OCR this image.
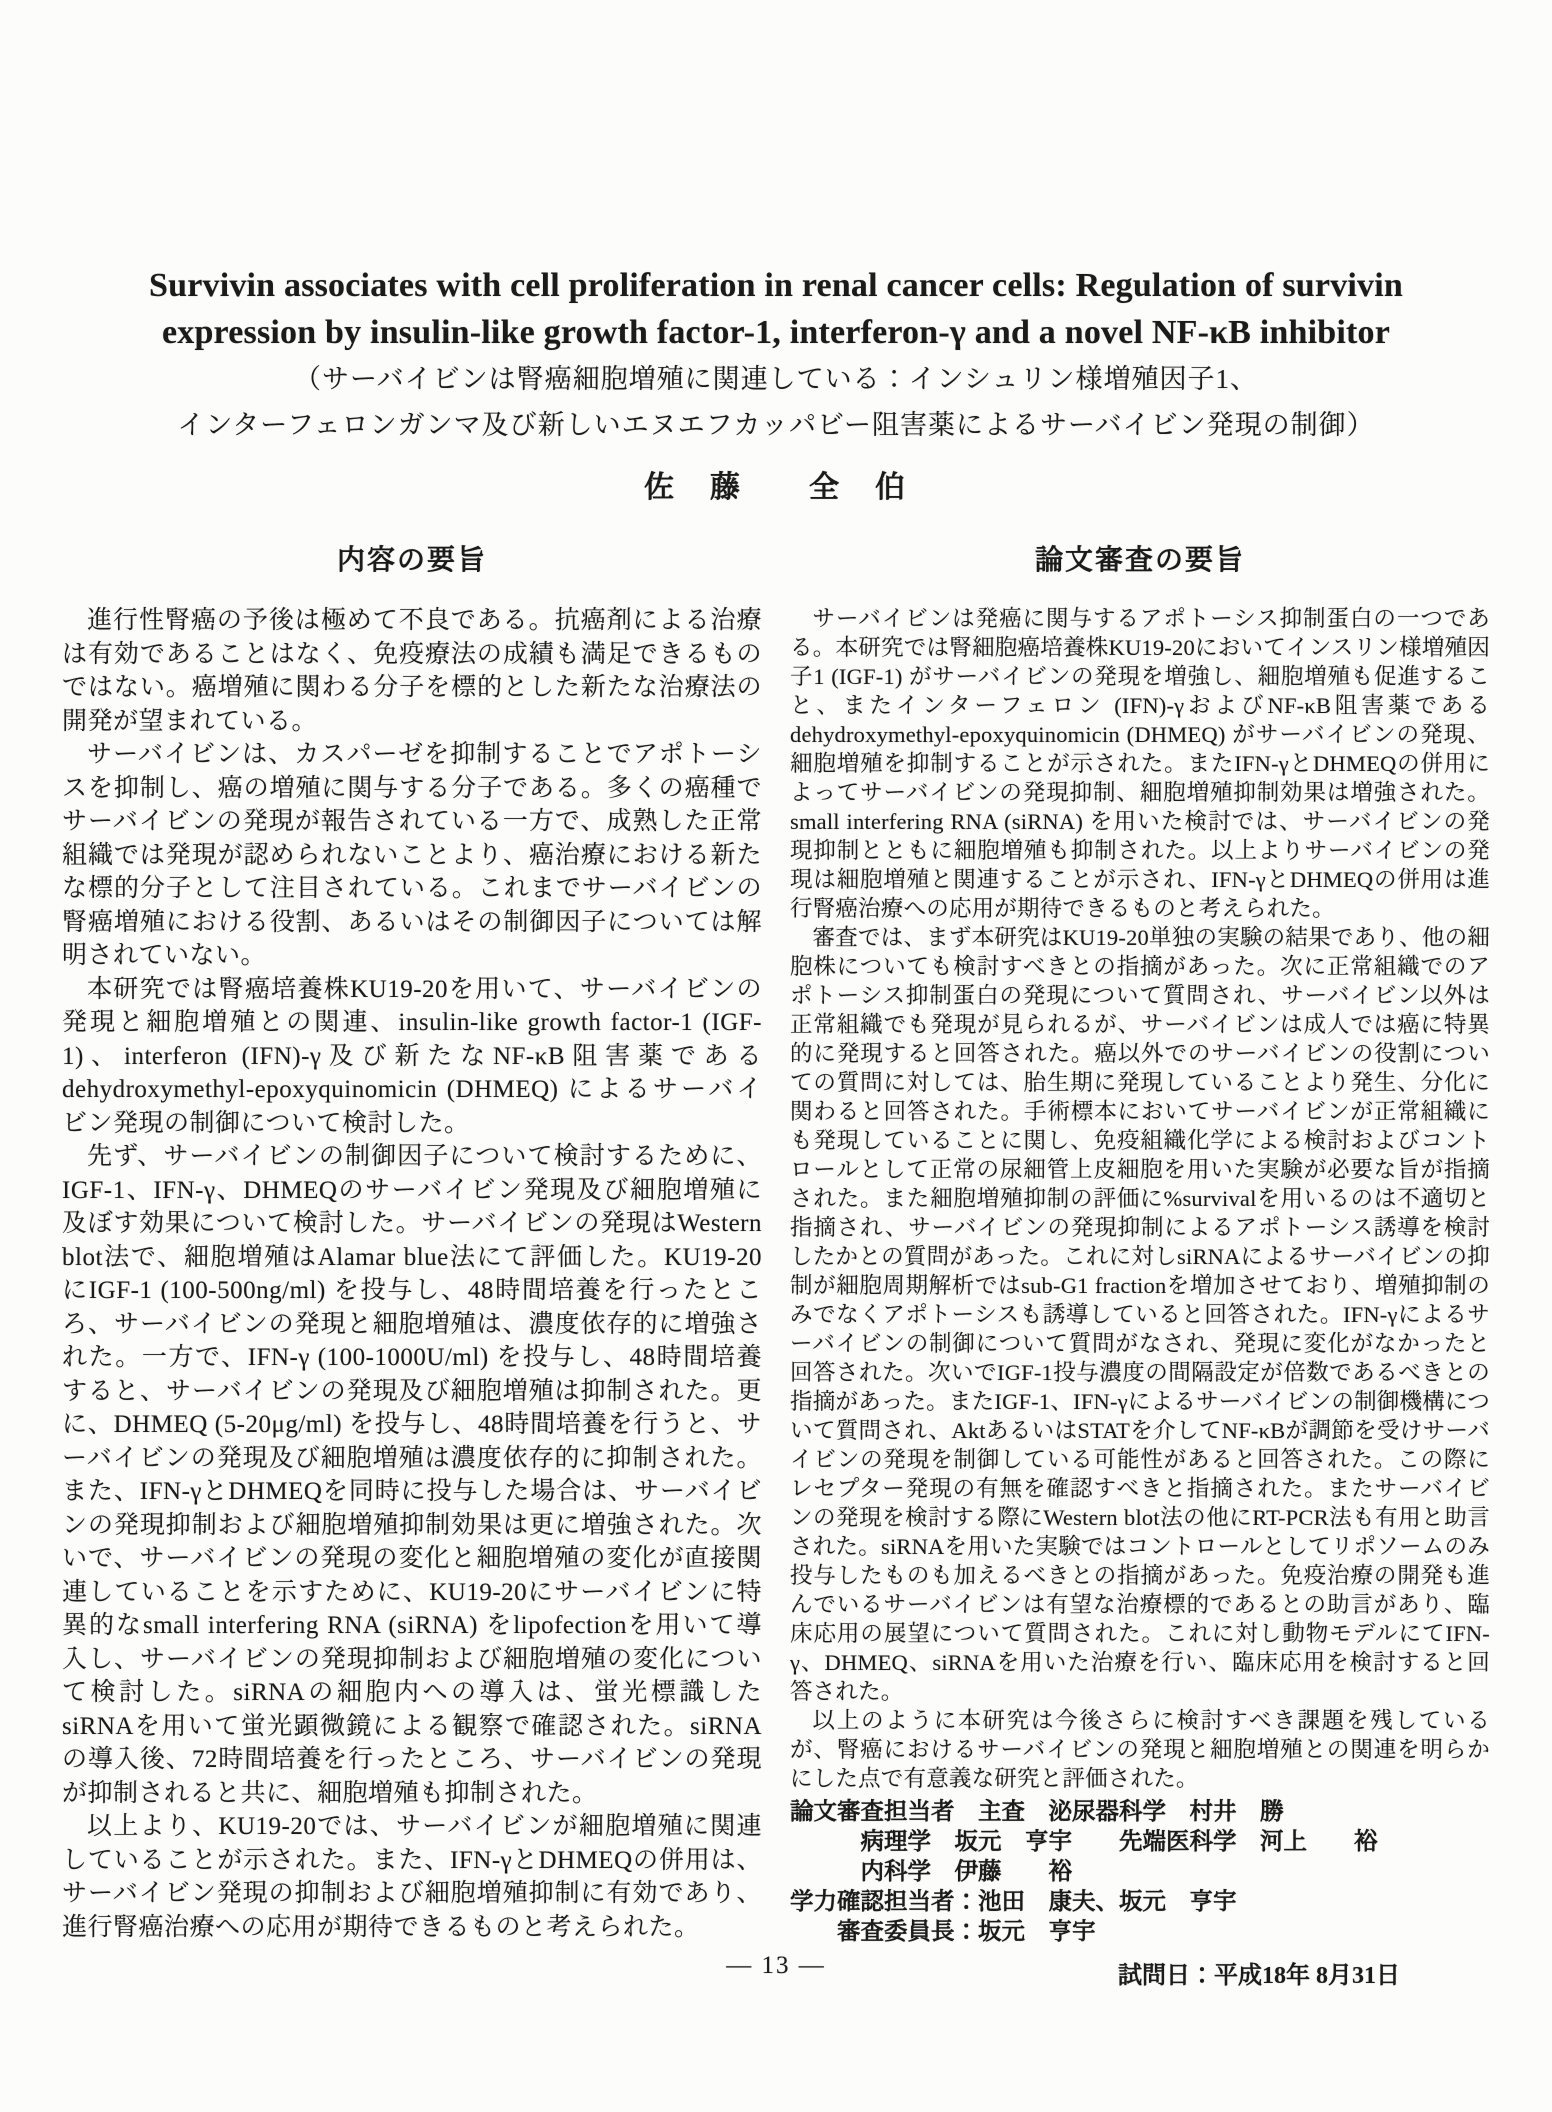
Survivin associates with cell proliferation in renal cancer cells: Regulation of survivin
expression by insulin-like growth factor-1, interferon-γ and a novel NF-κB inhibitor
（サーバイビンは腎癌細胞増殖に関連している：インシュリン様増殖因子1、
インターフェロンガンマ及び新しいエヌエフカッパビー阻害薬によるサーバイビン発現の制御）
佐　藤　　全　伯
内容の要旨

進行性腎癌の予後は極めて不良である。抗癌剤による治療は有効であることはなく、免疫療法の成績も満足できるものではない。癌増殖に関わる分子を標的とした新たな治療法の開発が望まれている。

サーバイビンは、カスパーゼを抑制することでアポトーシスを抑制し、癌の増殖に関与する分子である。多くの癌種でサーバイビンの発現が報告されている一方で、成熟した正常組織では発現が認められないことより、癌治療における新たな標的分子として注目されている。これまでサーバイビンの腎癌増殖における役割、あるいはその制御因子については解明されていない。

本研究では腎癌培養株KU19-20を用いて、サーバイビンの発現と細胞増殖との関連、insulin-like growth factor-1 (IGF-1)、interferon (IFN)-γ及び新たなNF-κB阻害薬であるdehydroxymethyl-epoxyquinomicin (DHMEQ) によるサーバイビン発現の制御について検討した。

先ず、サーバイビンの制御因子について検討するために、IGF-1、IFN-γ、DHMEQのサーバイビン発現及び細胞増殖に及ぼす効果について検討した。サーバイビンの発現はWestern blot法で、細胞増殖はAlamar blue法にて評価した。KU19-20にIGF-1 (100-500ng/ml) を投与し、48時間培養を行ったところ、サーバイビンの発現と細胞増殖は、濃度依存的に増強された。一方で、IFN-γ (100-1000U/ml) を投与し、48時間培養すると、サーバイビンの発現及び細胞増殖は抑制された。更に、DHMEQ (5-20μg/ml) を投与し、48時間培養を行うと、サーバイビンの発現及び細胞増殖は濃度依存的に抑制された。また、IFN-γとDHMEQを同時に投与した場合は、サーバイビンの発現抑制および細胞増殖抑制効果は更に増強された。次いで、サーバイビンの発現の変化と細胞増殖の変化が直接関連していることを示すために、KU19-20にサーバイビンに特異的なsmall interfering RNA (siRNA) をlipofectionを用いて導入し、サーバイビンの発現抑制および細胞増殖の変化について検討した。siRNAの細胞内への導入は、蛍光標識したsiRNAを用いて蛍光顕微鏡による観察で確認された。siRNAの導入後、72時間培養を行ったところ、サーバイビンの発現が抑制されると共に、細胞増殖も抑制された。

以上より、KU19-20では、サーバイビンが細胞増殖に関連していることが示された。また、IFN-γとDHMEQの併用は、サーバイビン発現の抑制および細胞増殖抑制に有効であり、進行腎癌治療への応用が期待できるものと考えられた。

論文審査の要旨

サーバイビンは発癌に関与するアポトーシス抑制蛋白の一つである。本研究では腎細胞癌培養株KU19-20においてインスリン様増殖因子1 (IGF-1) がサーバイビンの発現を増強し、細胞増殖も促進すること、またインターフェロン (IFN)-γおよびNF-κB阻害薬であるdehydroxymethyl-epoxyquinomicin (DHMEQ) がサーバイビンの発現、細胞増殖を抑制することが示された。またIFN-γとDHMEQの併用によってサーバイビンの発現抑制、細胞増殖抑制効果は増強された。small interfering RNA (siRNA) を用いた検討では、サーバイビンの発現抑制とともに細胞増殖も抑制された。以上よりサーバイビンの発現は細胞増殖と関連することが示され、IFN-γとDHMEQの併用は進行腎癌治療への応用が期待できるものと考えられた。

審査では、まず本研究はKU19-20単独の実験の結果であり、他の細胞株についても検討すべきとの指摘があった。次に正常組織でのアポトーシス抑制蛋白の発現について質問され、サーバイビン以外は正常組織でも発現が見られるが、サーバイビンは成人では癌に特異的に発現すると回答された。癌以外でのサーバイビンの役割についての質問に対しては、胎生期に発現していることより発生、分化に関わると回答された。手術標本においてサーバイビンが正常組織にも発現していることに関し、免疫組織化学による検討およびコントロールとして正常の尿細管上皮細胞を用いた実験が必要な旨が指摘された。また細胞増殖抑制の評価に%survivalを用いるのは不適切と指摘され、サーバイビンの発現抑制によるアポトーシス誘導を検討したかとの質問があった。これに対しsiRNAによるサーバイビンの抑制が細胞周期解析ではsub-G1 fractionを増加させており、増殖抑制のみでなくアポトーシスも誘導していると回答された。IFN-γによるサーバイビンの制御について質問がなされ、発現に変化がなかったと回答された。次いでIGF-1投与濃度の間隔設定が倍数であるべきとの指摘があった。またIGF-1、IFN-γによるサーバイビンの制御機構について質問され、AktあるいはSTATを介してNF-κBが調節を受けサーバイビンの発現を制御している可能性があると回答された。この際にレセプター発現の有無を確認すべきと指摘された。またサーバイビンの発現を検討する際にWestern blot法の他にRT-PCR法も有用と助言された。siRNAを用いた実験ではコントロールとしてリポソームのみ投与したものも加えるべきとの指摘があった。免疫治療の開発も進んでいるサーバイビンは有望な治療標的であるとの助言があり、臨床応用の展望について質問された。これに対し動物モデルにてIFN-γ、DHMEQ、siRNAを用いた治療を行い、臨床応用を検討すると回答された。

以上のように本研究は今後さらに検討すべき課題を残しているが、腎癌におけるサーバイビンの発現と細胞増殖との関連を明らかにした点で有意義な研究と評価された。

論文審査担当者　主査　泌尿器科学　村井　勝
　　　病理学　坂元　亨宇　　先端医科学　河上　　裕
　　　内科学　伊藤　　裕
学力確認担当者：池田　康夫、坂元　亨宇
　　審査委員長：坂元　亨宇
試問日：平成18年 8月31日
— 13 —
